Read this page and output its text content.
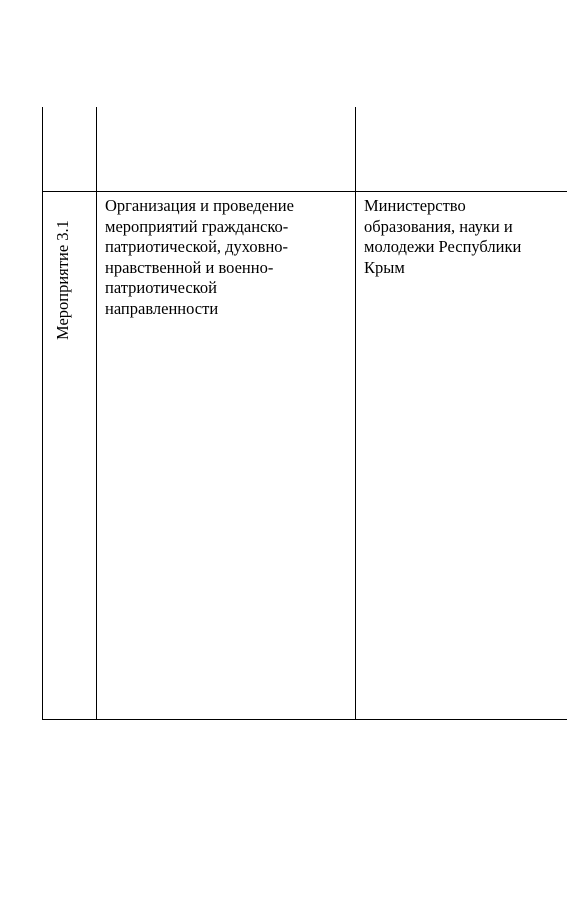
Мероприятие 3.1
Организация и проведение
мероприятий гражданско-
патриотической, духовно-
нравственной и военно-
патриотической
направленности
Министерство
образования, науки и
молодежи Республики
Крым
